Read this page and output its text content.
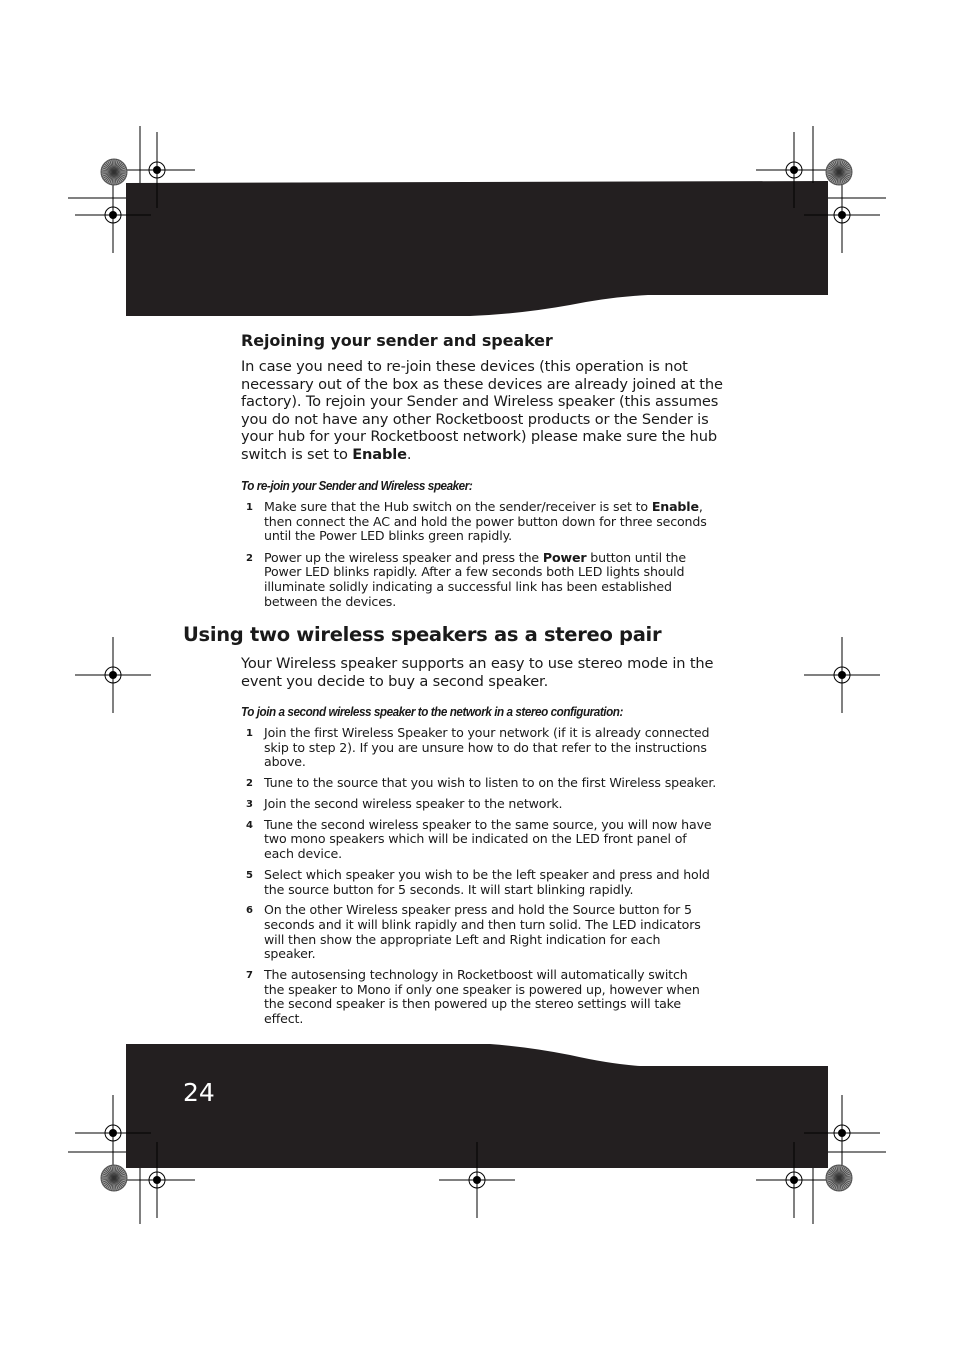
Rejoining your sender and speaker

In case you need to re-join these devices (this operation is not
necessary out of the box as these devices are already joined at the
factory). To rejoin your Sender and Wireless speaker (this assumes
you do not have any other Rocketboost products or the Sender is
your hub for your Rocketboost network) please make sure the hub
switch is set to Enable.

To re-join your Sender and Wireless speaker:

1 Make sure that the Hub switch on the sender/receiver is set to Enable,
then connect the AC and hold the power button down for three seconds
until the Power LED blinks green rapidly.
2 Power up the wireless speaker and press the Power button until the
Power LED blinks rapidly. After a few seconds both LED lights should
illuminate solidly indicating a successful link has been established
between the devices.
Using two wireless speakers as a stereo pair

Your Wireless speaker supports an easy to use stereo mode in the
event you decide to buy a second speaker.

To join a second wireless speaker to the network in a stereo configuration:

1 Join the first Wireless Speaker to your network (if it is already connected
skip to step 2). If you are unsure how to do that refer to the instructions
above.
2 Tune to the source that you wish to listen to on the first Wireless speaker.
3 Join the second wireless speaker to the network.
4 Tune the second wireless speaker to the same source, you will now have
two mono speakers which will be indicated on the LED front panel of
each device.
5 Select which speaker you wish to be the left speaker and press and hold
the source button for 5 seconds. It will start blinking rapidly.
6 On the other Wireless speaker press and hold the Source button for 5
seconds and it will blink rapidly and then turn solid. The LED indicators
will then show the appropriate Left and Right indication for each
speaker.
7 The autosensing technology in Rocketboost will automatically switch
the speaker to Mono if only one speaker is powered up, however when
the second speaker is then powered up the stereo settings will take
effect.

24
